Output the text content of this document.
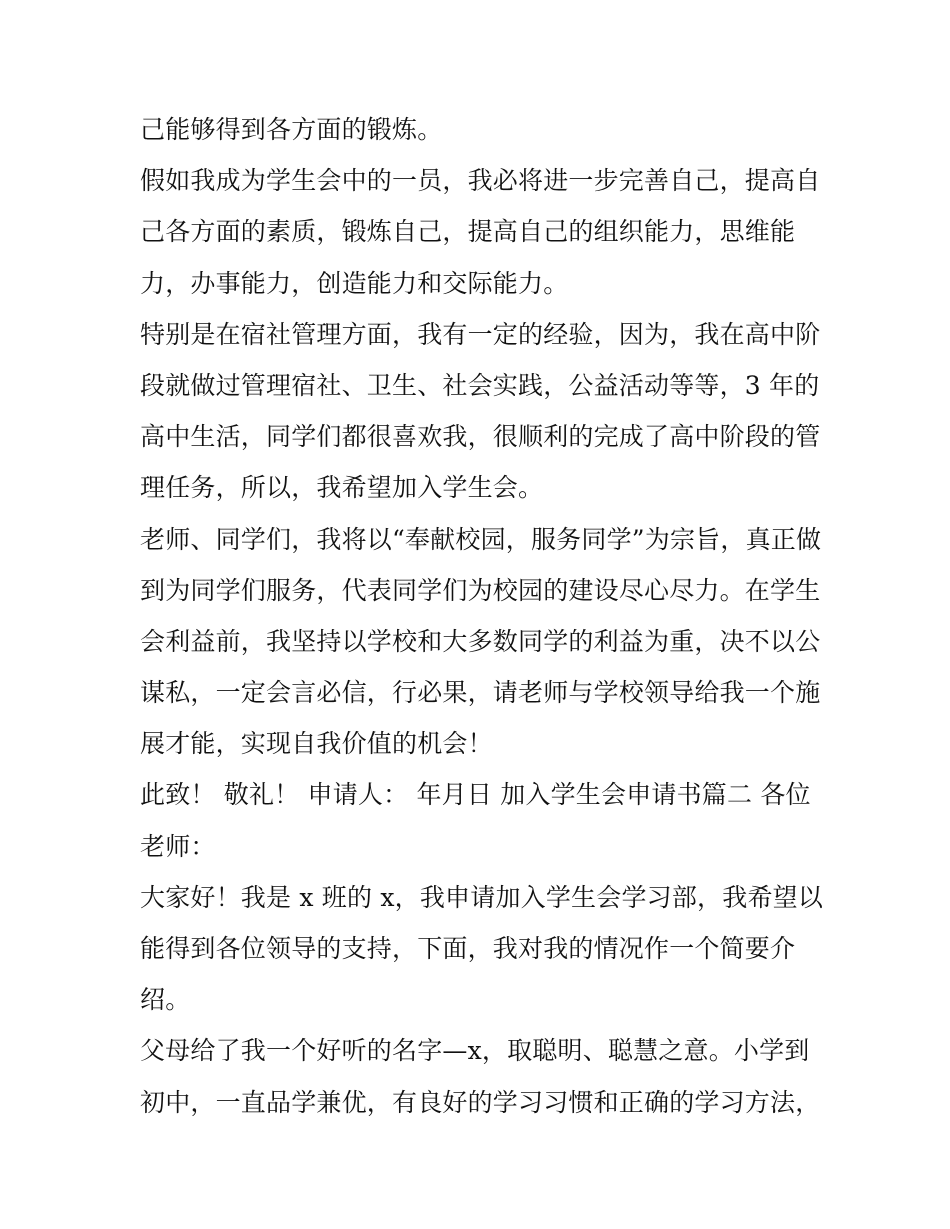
己能够得到各方面的锻炼。
假如我成为学生会中的一员，我必将进一步完善自己，提高自
己各方面的素质，锻炼自己，提高自己的组织能力，思维能
力，办事能力，创造能力和交际能力。
特别是在宿社管理方面，我有一定的经验，因为，我在高中阶
段就做过管理宿社、卫生、社会实践，公益活动等等，3 年的
高中生活，同学们都很喜欢我，很顺利的完成了高中阶段的管
理任务，所以，我希望加入学生会。
老师、同学们，我将以“奉献校园，服务同学”为宗旨，真正做
到为同学们服务，代表同学们为校园的建设尽心尽力。在学生
会利益前，我坚持以学校和大多数同学的利益为重，决不以公
谋私，一定会言必信，行必果，请老师与学校领导给我一个施
展才能，实现自我价值的机会！
此致！ 敬礼！ 申请人： 年月日 加入学生会申请书篇二 各位
老师：
大家好！我是 x 班的 x，我申请加入学生会学习部，我希望以
能得到各位领导的支持，下面，我对我的情况作一个简要介
绍。
父母给了我一个好听的名字—x，取聪明、聪慧之意。小学到
初中，一直品学兼优，有良好的学习习惯和正确的学习方法，
